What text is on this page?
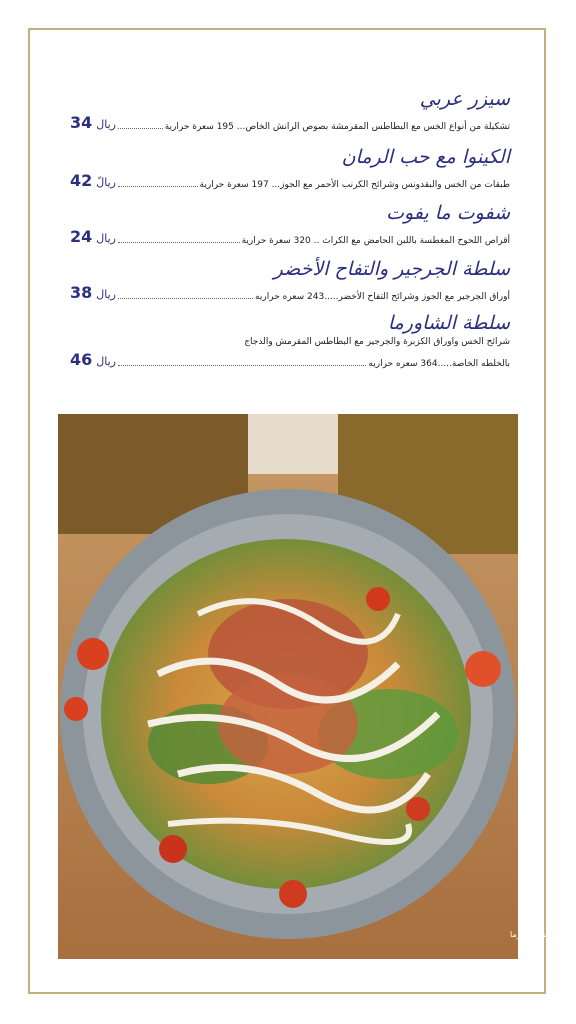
سيزر عربي
تشكيلة من أنواع الخس مع البطاطس المقرمشة بصوص الرانش الخاص... 195 سعرة حرارية
34 ريال
الكينوا مع حب الرمان
طبقات من الخس والبقدونس وشرائح الكرنب الأحمر مع الجوز... 197 سعرة حرارية
42 ريالً
شفوت ما يفوت
أقراص اللحوح المغطسة باللبن الحامض مع الكراث .. 320 سعرة حرارية
24 ريال
سلطة الجرجير والتفاح الأخضر
أوراق الجرجير مع الجوز وشرائح التفاح الأخضر.....243 سعره حراريه
38 ريال
سلطة الشاورما
شرائح الخس واوراق الكزبرة والجرجير مع البطاطس المقرمش والدجاج
بالخلطه الخاصة.....364 سعره حراريه
46 ريال
سلطة الشاورما
